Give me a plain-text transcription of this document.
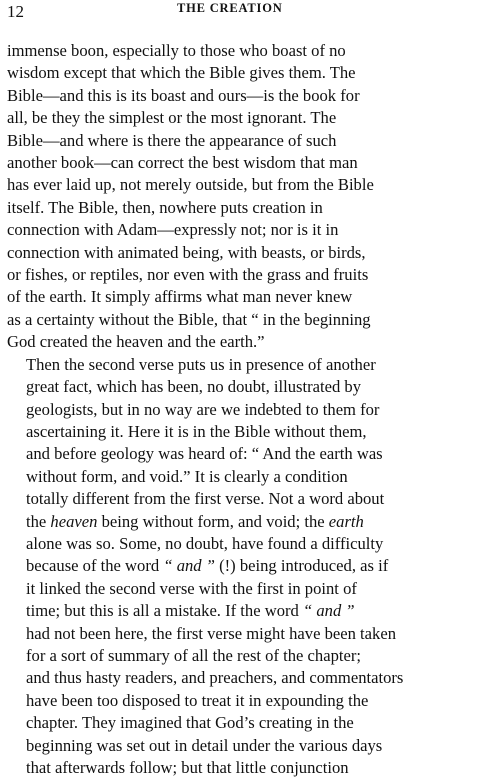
12	THE CREATION

immense boon, especially to those who boast of no
wisdom except that which the Bible gives them. The
Bible—and this is its boast and ours—is the book for
all, be they the simplest or the most ignorant. The
Bible—and where is there the appearance of such
another book—can correct the best wisdom that man
has ever laid up, not merely outside, but from the Bible
itself. The Bible, then, nowhere puts creation in
connection with Adam—expressly not; nor is it in
connection with animated being, with beasts, or birds,
or fishes, or reptiles, nor even with the grass and fruits
of the earth. It simply affirms what man never knew
as a certainty without the Bible, that “ in the beginning
God created the heaven and the earth.”

Then the second verse puts us in presence of another
great fact, which has been, no doubt, illustrated by
geologists, but in no way are we indebted to them for
ascertaining it. Here it is in the Bible without them,
and before geology was heard of: “ And the earth was
without form, and void.” It is clearly a condition
totally different from the first verse. Not a word about
the heaven being without form, and void; the earth
alone was so. Some, no doubt, have found a difficulty
because of the word “ and ” (!) being introduced, as if
it linked the second verse with the first in point of
time; but this is all a mistake. If the word “ and ”
had not been here, the first verse might have been taken
for a sort of summary of all the rest of the chapter;
and thus hasty readers, and preachers, and commentators
have been too disposed to treat it in expounding the
chapter. They imagined that God’s creating in the
beginning was set out in detail under the various days
that afterwards follow; but that little conjunction
